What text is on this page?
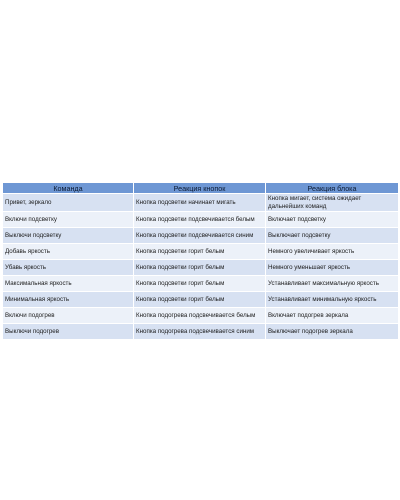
Команда	Реакция кнопок	Реакция блока
Привет, зеркало	Кнопка подсветки начинает мигать	Кнопка мигает, система ожидает дальнейших команд
Включи подсветку	Кнопка подсветки подсвечивается белым	Включает подсветку
Выключи подсветку	Кнопка подсветки подсвечивается синим	Выключает подсветку
Добавь яркость	Кнопка подсветки горит белым	Немного увеличивает яркость
Убавь яркость	Кнопка подсветки горит белым	Немного уменьшает яркость
Максимальная яркость	Кнопка подсветки горит белым	Устанавливает максимальную яркость
Минимальная яркость	Кнопка подсветки горит белым	Устанавливает минимальную яркость
Включи подогрев	Кнопка подогрева подсвечивается белым	Включает подогрев зеркала
Выключи подогрев	Кнопка подогрева подсвечивается синим	Выключает подогрев зеркала
